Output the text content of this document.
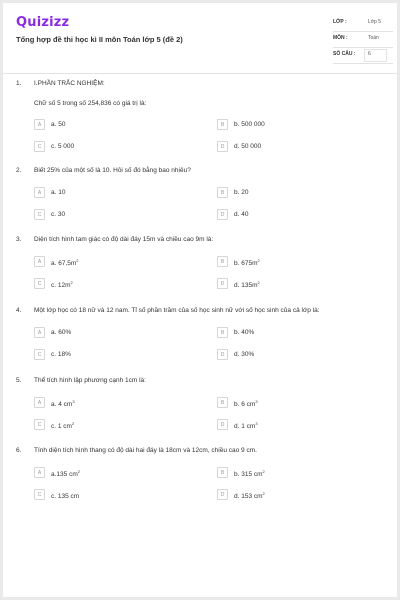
Quizizz
Tổng hợp đề thi học kì II môn Toán lớp 5 (đề 2)
LỚP :	Lớp 5
MÔN :	Toán
SỐ CÂU :	6
1. I.PHẦN TRẮC NGHIỆM:
Chữ số 5 trong số 254,836 có giá trị là:
A	a. 50	B	b. 500 000
C	c. 5 000	D	d. 50 000
2. Biết 25% của một số là 10. Hỏi số đó bằng bao nhiêu?
A	a. 10	B	b. 20
C	c. 30	D	d. 40
3. Diện tích hình tam giác có độ dài đáy 15m và chiều cao 9m là:
A	a. $67,5m^2$	B	b. $675m^2$
C	c. $12m^2$	D	d. $135m^2$
4. Một lớp học có 18 nữ và 12 nam. Tỉ số phần trăm của số học sinh nữ với số học sinh của cả lớp là:
A	a. 60%	B	b. 40%
C	c. 18%	D	d. 30%
5. Thể tích hình lập phương cạnh 1cm là:
A	a. 4 $cm^3$	B	b. 6 $cm^3$
C	c. 1 $cm^2$	D	d. 1 $cm^3$
6. Tính diện tích hình thang có độ dài hai đáy là 18cm và 12cm, chiều cao 9 cm.
A	a.135 $cm^2$	B	b. 315 $cm^2$
C	c. 135 cm	D	d. 153 $cm^2$
